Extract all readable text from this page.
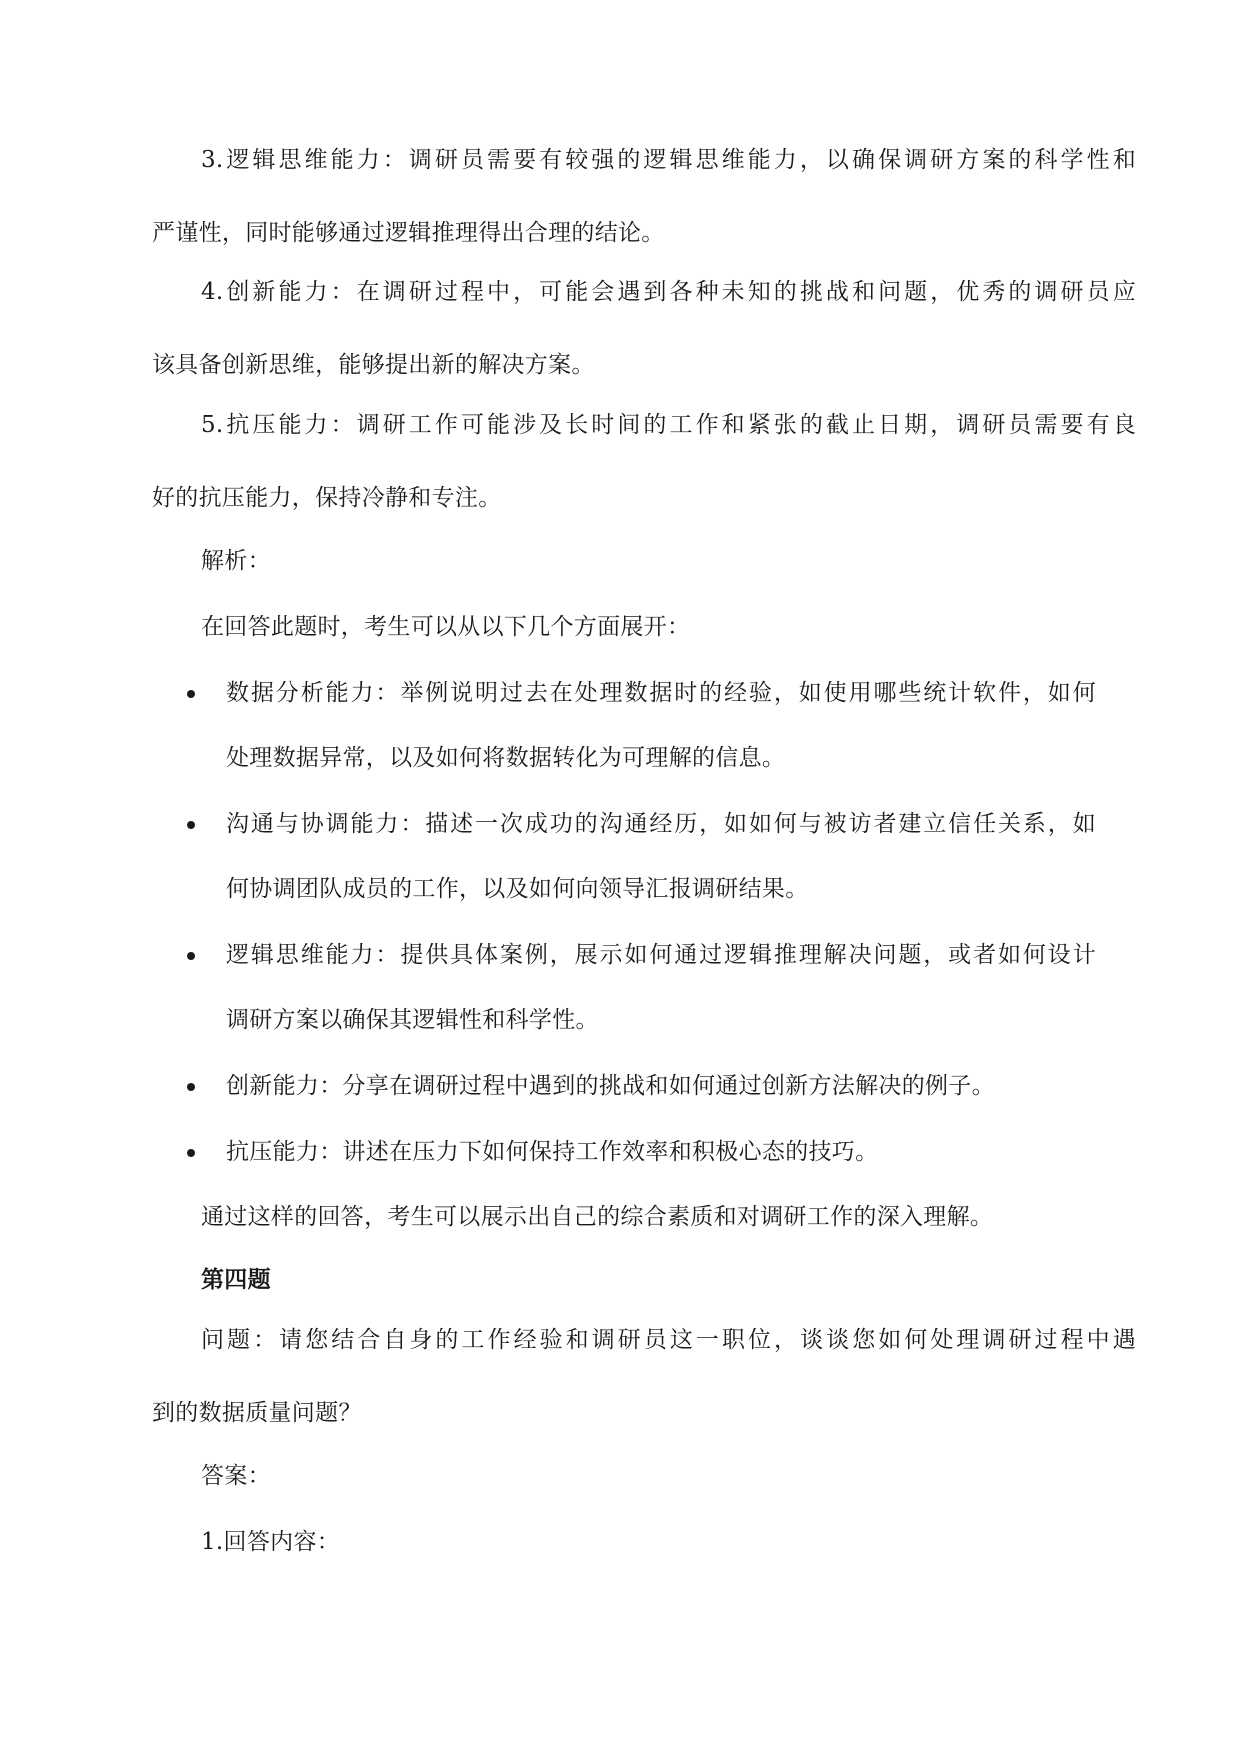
3.逻辑思维能力：调研员需要有较强的逻辑思维能力，以确保调研方案的科学性和
严谨性，同时能够通过逻辑推理得出合理的结论。
4.创新能力：在调研过程中，可能会遇到各种未知的挑战和问题，优秀的调研员应
该具备创新思维，能够提出新的解决方案。
5.抗压能力：调研工作可能涉及长时间的工作和紧张的截止日期，调研员需要有良
好的抗压能力，保持冷静和专注。
解析：
在回答此题时，考生可以从以下几个方面展开：
数据分析能力：举例说明过去在处理数据时的经验，如使用哪些统计软件，如何
处理数据异常，以及如何将数据转化为可理解的信息。
沟通与协调能力：描述一次成功的沟通经历，如如何与被访者建立信任关系，如
何协调团队成员的工作，以及如何向领导汇报调研结果。
逻辑思维能力：提供具体案例，展示如何通过逻辑推理解决问题，或者如何设计
调研方案以确保其逻辑性和科学性。
创新能力：分享在调研过程中遇到的挑战和如何通过创新方法解决的例子。
抗压能力：讲述在压力下如何保持工作效率和积极心态的技巧。
通过这样的回答，考生可以展示出自己的综合素质和对调研工作的深入理解。
第四题
问题：请您结合自身的工作经验和调研员这一职位，谈谈您如何处理调研过程中遇
到的数据质量问题？
答案：
1.回答内容：
